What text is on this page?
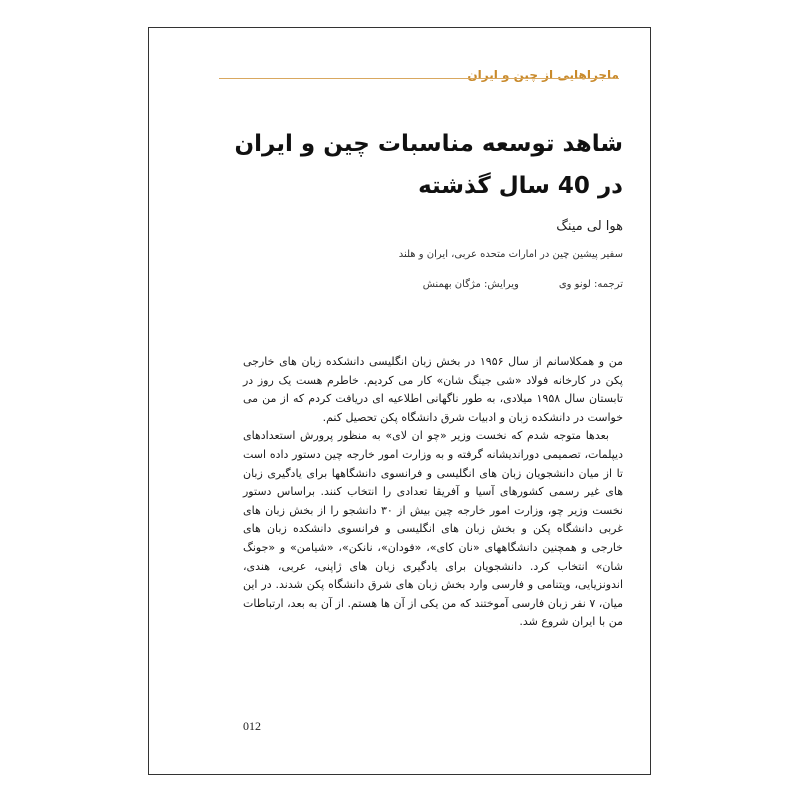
ماجراهایی از چین و ایران
شاهد توسعه مناسبات چین و ایران در 40 سال گذشته
هوا لی مینگ
سفیر پیشین چین در امارات متحده عربی، ایران و هلند
ترجمه: لونو ویویرایش: مژگان بهمنش

من و همکلاسانم از سال ۱۹۵۶ در بخش زبان انگلیسی دانشکده زبان های خارجی پکن در کارخانه فولاد «شی جینگ شان» کار می کردیم. خاطرم هست یک روز در تابستان سال ۱۹۵۸ میلادی، به طور ناگهانی اطلاعیه ای دریافت کردم که از من می خواست در دانشکده زبان و ادبیات شرق دانشگاه پکن تحصیل کنم.

بعدها متوجه شدم که نخست وزیر «چو ان لای» به منظور پرورش استعدادهای دیپلمات، تصمیمی دوراندیشانه گرفته و به وزارت امور خارجه چین دستور داده است تا از میان دانشجویان زبان های انگلیسی و فرانسوی دانشگاهها برای یادگیری زبان های غیر رسمی کشورهای آسیا و آفریقا تعدادی را انتخاب کنند. براساس دستور نخست وزیر چو، وزارت امور خارجه چین بیش از ۳۰ دانشجو را از بخش زبان های غربی دانشگاه پکن و بخش زبان های انگلیسی و فرانسوی دانشکده زبان های خارجی و همچنین دانشگاههای «نان کای»، «فودان»، نانکن»، «شیامن» و «جونگ شان» انتخاب کرد. دانشجویان برای یادگیری زبان های ژاپنی، عربی، هندی، اندونزیایی، ویتنامی و فارسی وارد بخش زبان های شرق دانشگاه پکن شدند. در این میان، ۷ نفر زبان فارسی آموختند که من یکی از آن ها هستم. از آن به بعد، ارتباطات من با ایران شروع شد.

012
